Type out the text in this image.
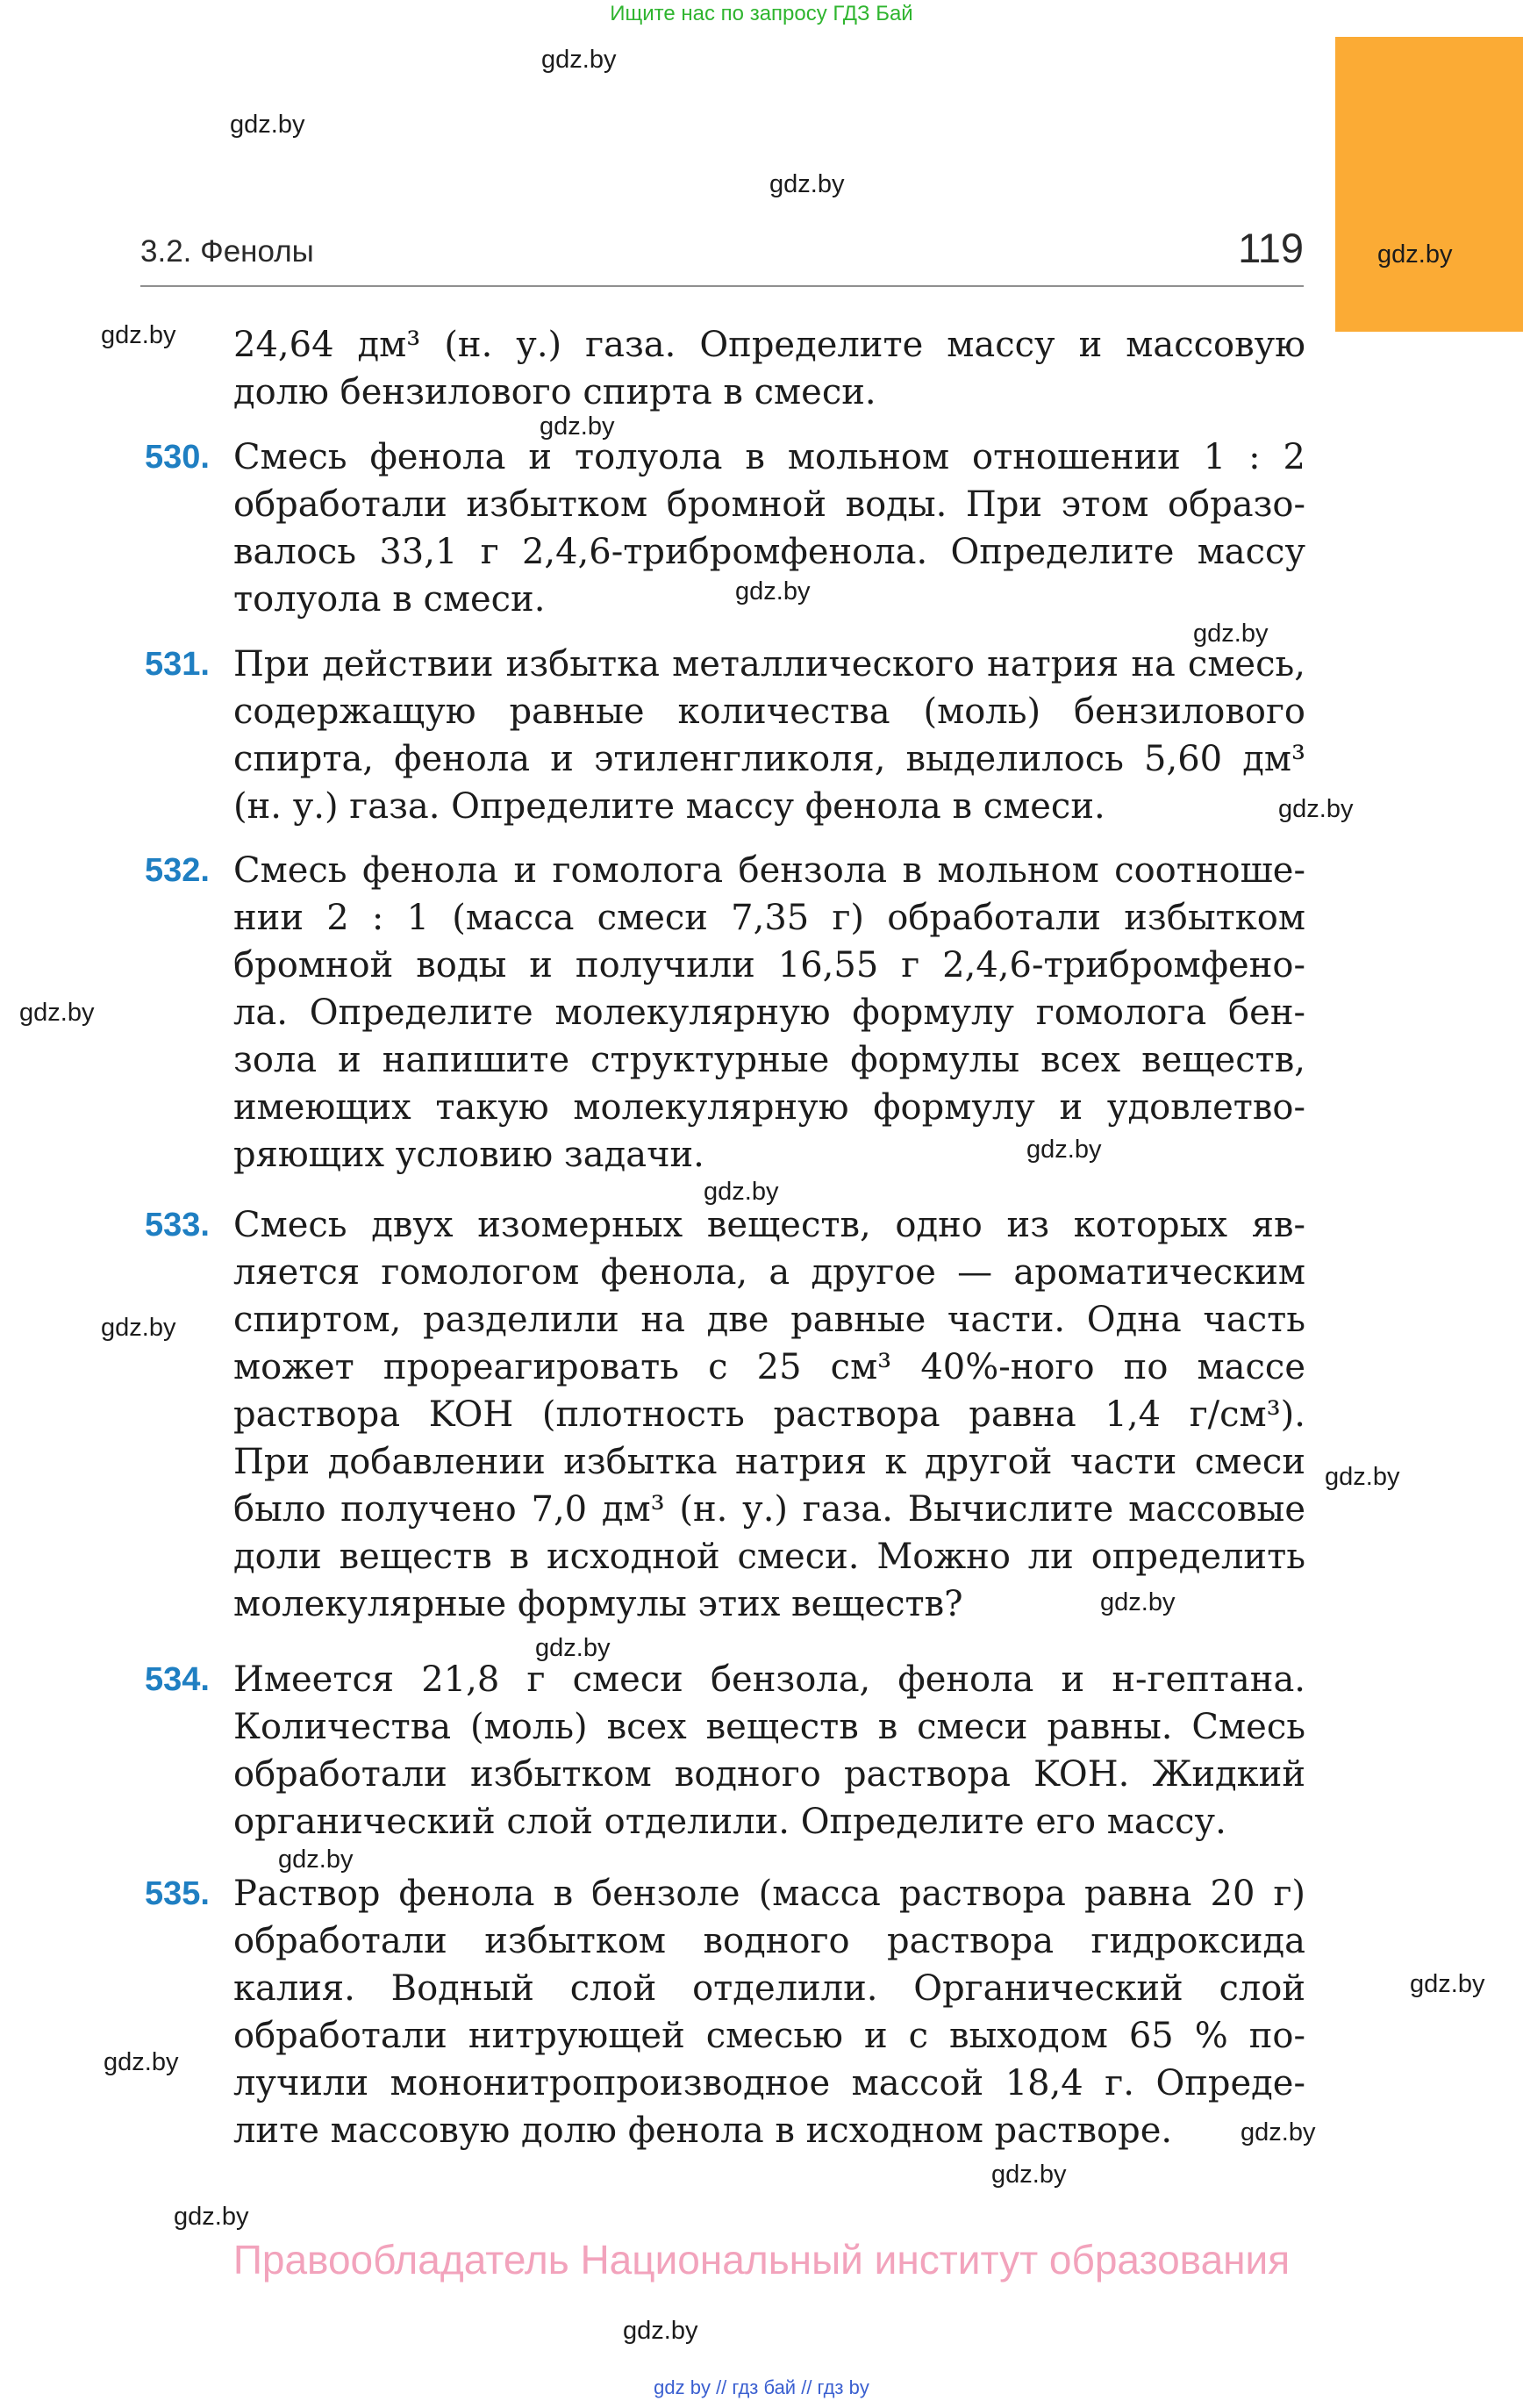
Ищите нас по запросу ГДЗ Бай
gdz.by
gdz.by
gdz.by
gdz.by
gdz.by
gdz.by
gdz.by
gdz.by
gdz.by
gdz.by
gdz.by
gdz.by
gdz.by
gdz.by
gdz.by
gdz.by
gdz.by
gdz.by
gdz.by
gdz.by
gdz.by
gdz.by
gdz.by
3.2. Фенолы	119
530.
531.
532.
533.
534.
535.
24,64 дм³ (н. у.) газа. Определите массу и массовую
долю бензилового спирта в смеси.
Смесь фенола и толуола в мольном отношении 1 : 2
обработали избытком бромной воды. При этом образо-
валось 33,1 г 2,4,6-трибромфенола. Определите массу
толуола в смеси.
При действии избытка металлического натрия на смесь,
содержащую равные количества (моль) бензилового
спирта, фенола и этиленгликоля, выделилось 5,60 дм³
(н. у.) газа. Определите массу фенола в смеси.
Смесь фенола и гомолога бензола в мольном соотноше-
нии 2 : 1 (масса смеси 7,35 г) обработали избытком
бромной воды и получили 16,55 г 2,4,6-трибромфено-
ла. Определите молекулярную формулу гомолога бен-
зола и напишите структурные формулы всех веществ,
имеющих такую молекулярную формулу и удовлетво-
ряющих условию задачи.
Смесь двух изомерных веществ, одно из которых яв-
ляется гомологом фенола, а другое — ароматическим
спиртом, разделили на две равные части. Одна часть
может прореагировать с 25 см³ 40%-ного по массе
раствора KOH (плотность раствора равна 1,4 г/см³).
При добавлении избытка натрия к другой части смеси
было получено 7,0 дм³ (н. у.) газа. Вычислите массовые
доли веществ в исходной смеси. Можно ли определить
молекулярные формулы этих веществ?
Имеется 21,8 г смеси бензола, фенола и н-гептана.
Количества (моль) всех веществ в смеси равны. Смесь
обработали избытком водного раствора KOH. Жидкий
органический слой отделили. Определите его массу.
Раствор фенола в бензоле (масса раствора равна 20 г)
обработали избытком водного раствора гидроксида
калия. Водный слой отделили. Органический слой
обработали нитрующей смесью и с выходом 65 % по-
лучили мононитропроизводное массой 18,4 г. Опреде-
лите массовую долю фенола в исходном растворе.
Правообладатель Национальный институт образования
gdz by // гдз бай // гдз by
